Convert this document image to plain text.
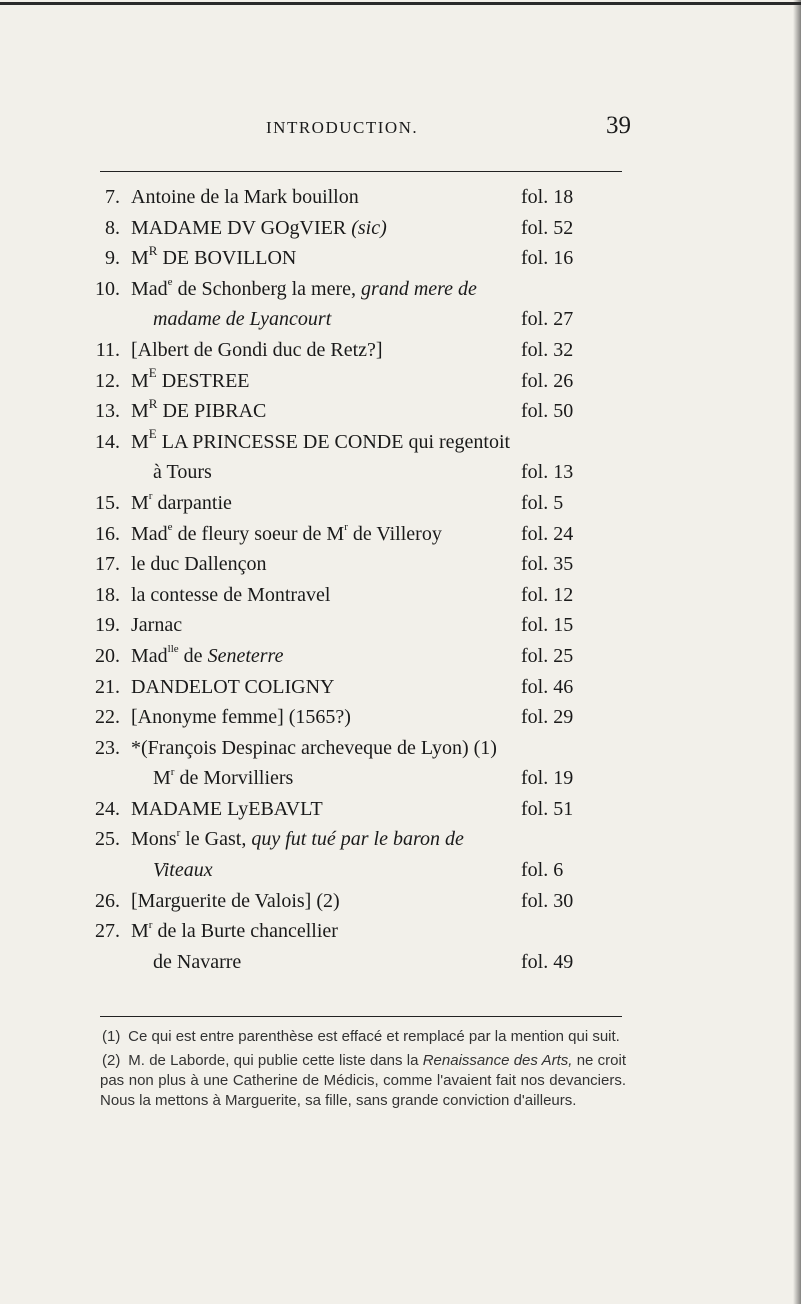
INTRODUCTION.	39
7. Antoine de la Mark bouillon	fol. 18
8. MADAME DV GOgVIER (sic)	fol. 52
9. $M^R$ DE BOVILLON	fol. 16
10. Mad$^e$ de Schonberg la mere, grand mere de
madame de Lyancourt	fol. 27
11. [Albert de Gondi duc de Retz?]	fol. 32
12. $M^E$ DESTREE	fol. 26
13. $M^R$ DE PIBRAC	fol. 50
14. $M^E$ LA PRINCESSE DE CONDE qui regentoit
à Tours	fol. 13
15. $M^r$ darpantie	fol. 5
16. Mad$^e$ de fleury soeur de $M^r$ de Villeroy	fol. 24
17. le duc Dallençon	fol. 35
18. la contesse de Montravel	fol. 12
19. Jarnac	fol. 15
20. Mad$^{lle}$ de Seneterre	fol. 25
21. DANDELOT COLIGNY	fol. 46
22. [Anonyme femme] (1565?)	fol. 29
23. *(François Despinac archeveque de Lyon) (1)
$M^r$ de Morvilliers	fol. 19
24. MADAME LyEBAVLT	fol. 51
25. Mons$^r$ le Gast, quy fut tué par le baron de
Viteaux	fol. 6
26. [Marguerite de Valois] (2)	fol. 30
27. $M^r$ de la Burte chancellier
de Navarre	fol. 49

(1) Ce qui est entre parenthèse est effacé et remplacé par la mention qui suit.

(2) M. de Laborde, qui publie cette liste dans la Renaissance des Arts, ne croit pas non plus à une Catherine de Médicis, comme l'avaient fait nos devanciers. Nous la mettons à Marguerite, sa fille, sans grande conviction d'ailleurs.
